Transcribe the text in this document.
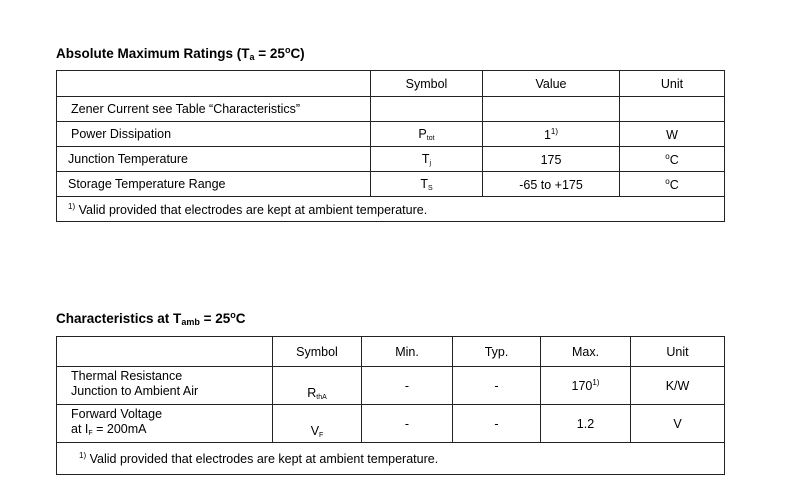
Absolute Maximum Ratings $(T_a = 25^oC)$
	Symbol	Value	Unit
Zener Current see Table “Characteristics”			
Power Dissipation	Ptot	1$^{1)}$	W
Junction Temperature	Tj	175	$^o$C
Storage Temperature Range	TS	-65 to +175	$^o$C
$^{1)}$ Valid provided that electrodes are kept at ambient temperature.			
Characteristics at $T_{amb} = 25^oC$
	Symbol	Min.	Typ.	Max.	Unit

Thermal Resistance
Junction to Ambient Air	RthA	-	-	170$^{1)}$	K/W

Forward Voltage
at IF = 200mA	VF	-	-	1.2	V
$^{1)}$ Valid provided that electrodes are kept at ambient temperature.					
